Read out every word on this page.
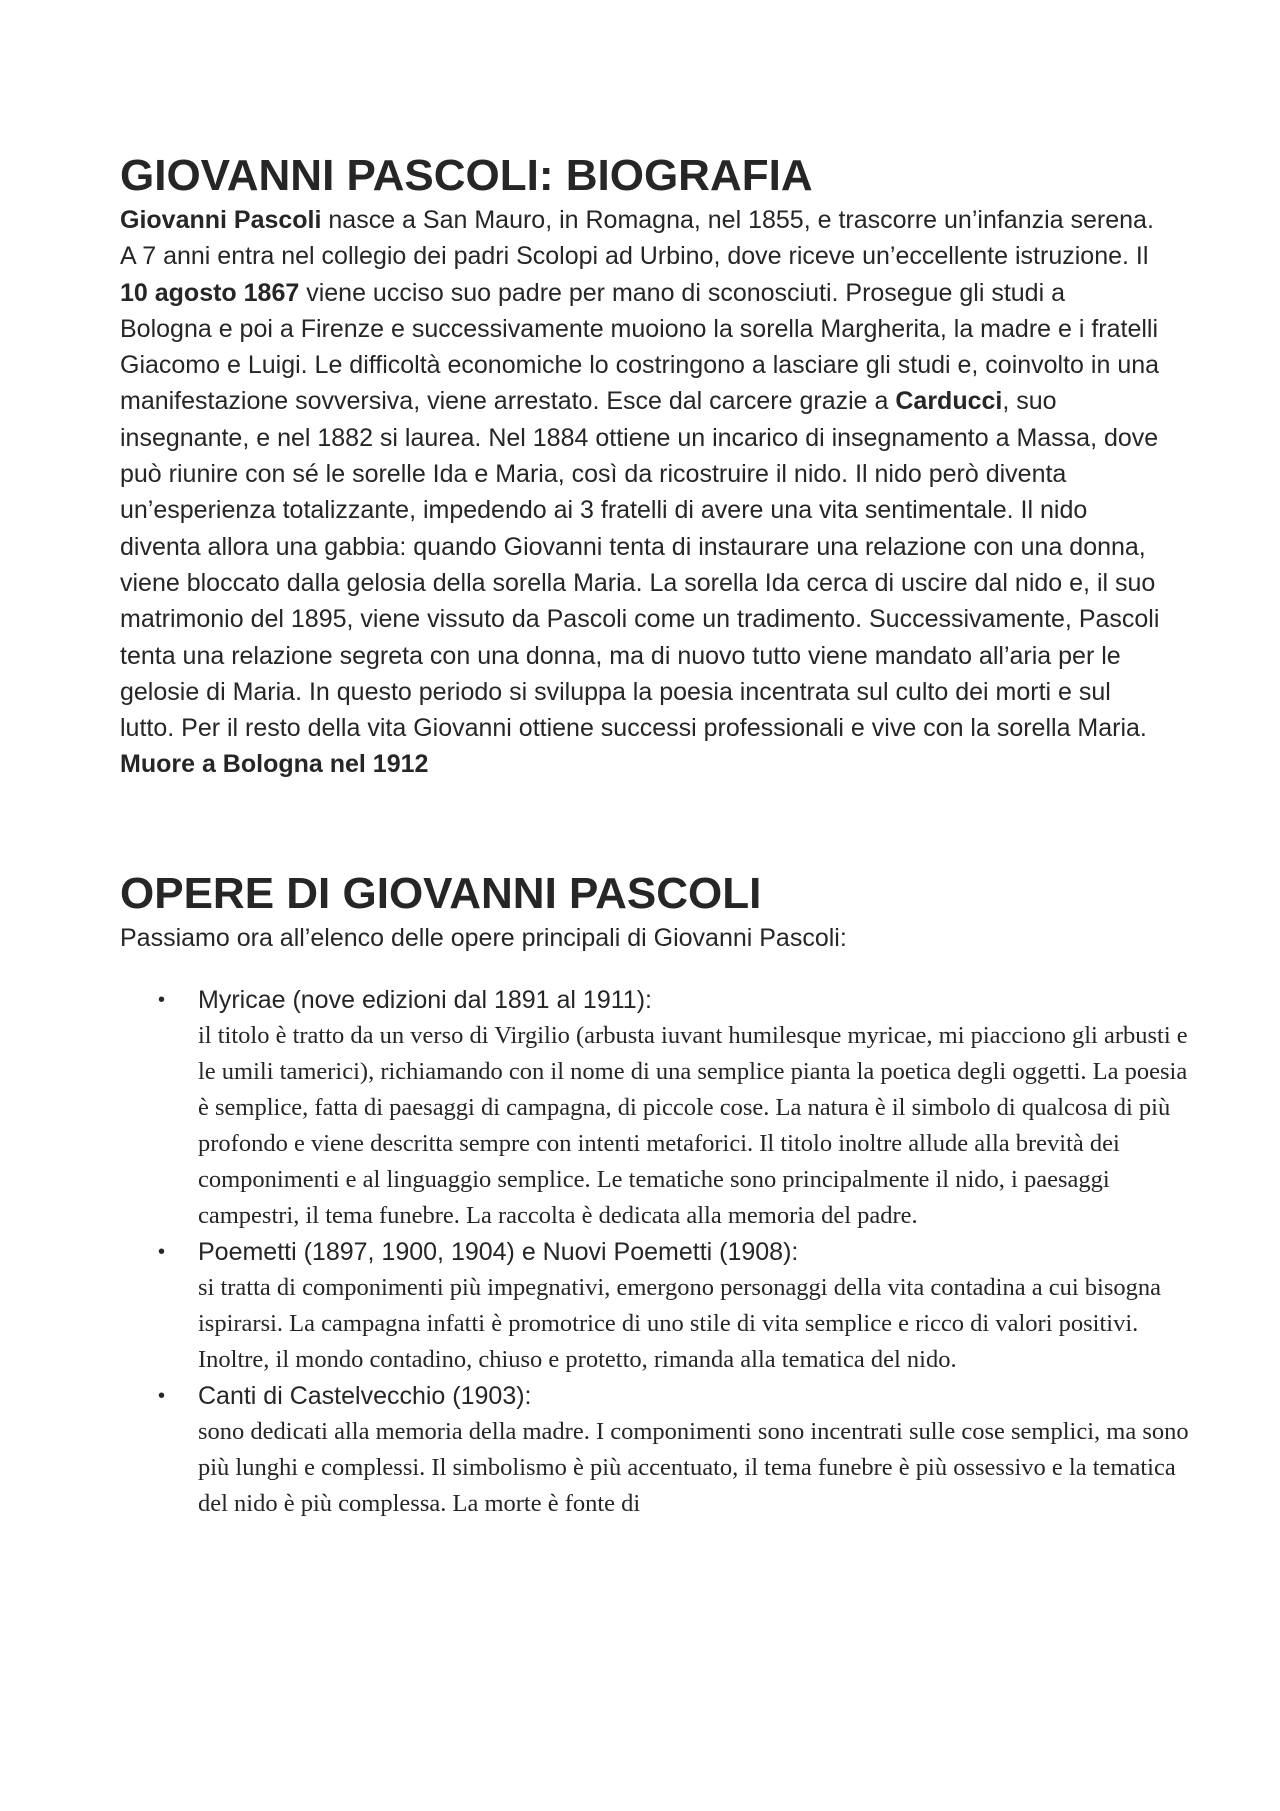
GIOVANNI PASCOLI: BIOGRAFIA

Giovanni Pascoli nasce a San Mauro, in Romagna, nel 1855, e trascorre un’infanzia serena. A 7 anni entra nel collegio dei padri Scolopi ad Urbino, dove riceve un’eccellente istruzione. Il 10 agosto 1867 viene ucciso suo padre per mano di sconosciuti. Prosegue gli studi a Bologna e poi a Firenze e successivamente muoiono la sorella Margherita, la madre e i fratelli Giacomo e Luigi. Le difficoltà economiche lo costringono a lasciare gli studi e, coinvolto in una manifestazione sovversiva, viene arrestato. Esce dal carcere grazie a Carducci, suo insegnante, e nel 1882 si laurea. Nel 1884 ottiene un incarico di insegnamento a Massa, dove può riunire con sé le sorelle Ida e Maria, così da ricostruire il nido. Il nido però diventa un’esperienza totalizzante, impedendo ai 3 fratelli di avere una vita sentimentale. Il nido diventa allora una gabbia: quando Giovanni tenta di instaurare una relazione con una donna, viene bloccato dalla gelosia della sorella Maria. La sorella Ida cerca di uscire dal nido e, il suo matrimonio del 1895, viene vissuto da Pascoli come un tradimento. Successivamente, Pascoli tenta una relazione segreta con una donna, ma di nuovo tutto viene mandato all’aria per le gelosie di Maria. In questo periodo si sviluppa la poesia incentrata sul culto dei morti e sul lutto. Per il resto della vita Giovanni ottiene successi professionali e vive con la sorella Maria. Muore a Bologna nel 1912

OPERE DI GIOVANNI PASCOLI

Passiamo ora all’elenco delle opere principali di Giovanni Pascoli:

• Myricae (nove edizioni dal 1891 al 1911):
il titolo è tratto da un verso di Virgilio (arbusta iuvant humilesque myricae, mi piacciono gli arbusti e le umili tamerici), richiamando con il nome di una semplice pianta la poetica degli oggetti. La poesia è semplice, fatta di paesaggi di campagna, di piccole cose. La natura è il simbolo di qualcosa di più profondo e viene descritta sempre con intenti metaforici. Il titolo inoltre allude alla brevità dei componimenti e al linguaggio semplice. Le tematiche sono principalmente il nido, i paesaggi campestri, il tema funebre. La raccolta è dedicata alla memoria del padre.
• Poemetti (1897, 1900, 1904) e Nuovi Poemetti (1908):
si tratta di componimenti più impegnativi, emergono personaggi della vita contadina a cui bisogna ispirarsi. La campagna infatti è promotrice di uno stile di vita semplice e ricco di valori positivi. Inoltre, il mondo contadino, chiuso e protetto, rimanda alla tematica del nido.
• Canti di Castelvecchio (1903):
sono dedicati alla memoria della madre. I componimenti sono incentrati sulle cose semplici, ma sono più lunghi e complessi. Il simbolismo è più accentuato, il tema funebre è più ossessivo e la tematica del nido è più complessa. La morte è fonte di
